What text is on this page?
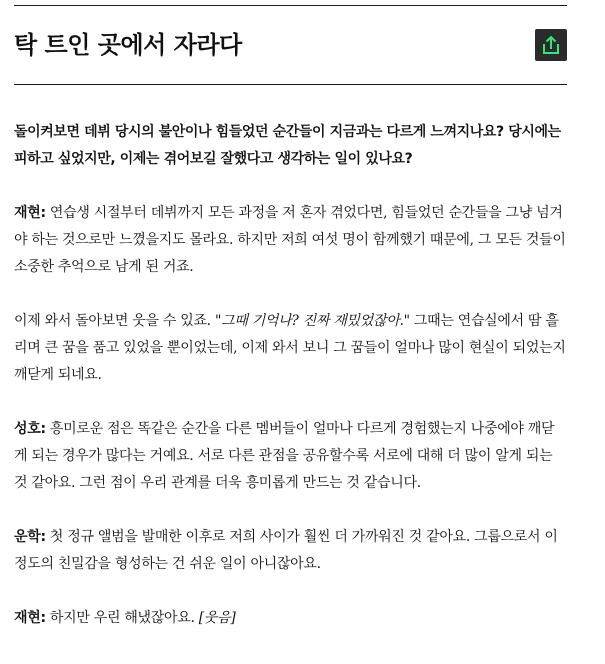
탁 트인 곳에서 자라다

돌이켜보면 데뷔 당시의 불안이나 힘들었던 순간들이 지금과는 다르게 느껴지나요? 당시에는 피하고 싶었지만, 이제는 겪어보길 잘했다고 생각하는 일이 있나요?

재현: 연습생 시절부터 데뷔까지 모든 과정을 저 혼자 겪었다면, 힘들었던 순간들을 그냥 넘겨야 하는 것으로만 느꼈을지도 몰라요. 하지만 저희 여섯 명이 함께했기 때문에, 그 모든 것들이 소중한 추억으로 남게 된 거죠.

이제 와서 돌아보면 웃을 수 있죠. "그때 기억나? 진짜 재밌었잖아." 그때는 연습실에서 땀 흘리며 큰 꿈을 품고 있었을 뿐이었는데, 이제 와서 보니 그 꿈들이 얼마나 많이 현실이 되었는지 깨닫게 되네요.

성호: 흥미로운 점은 똑같은 순간을 다른 멤버들이 얼마나 다르게 경험했는지 나중에야 깨닫게 되는 경우가 많다는 거예요. 서로 다른 관점을 공유할수록 서로에 대해 더 많이 알게 되는 것 같아요. 그런 점이 우리 관계를 더욱 흥미롭게 만드는 것 같습니다.

운학: 첫 정규 앨범을 발매한 이후로 저희 사이가 훨씬 더 가까워진 것 같아요. 그룹으로서 이 정도의 친밀감을 형성하는 건 쉬운 일이 아니잖아요.

재현: 하지만 우린 해냈잖아요. [웃음]
